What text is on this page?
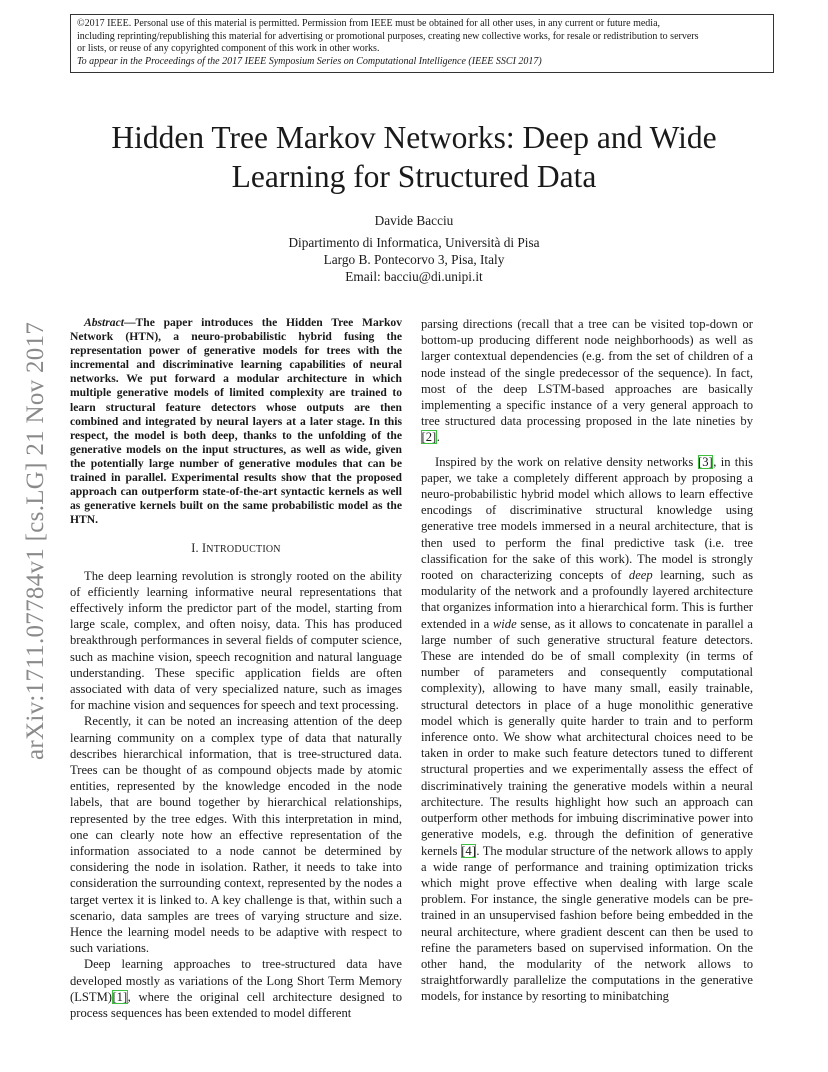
©2017 IEEE. Personal use of this material is permitted. Permission from IEEE must be obtained for all other uses, in any current or future media,
including reprinting/republishing this material for advertising or promotional purposes, creating new collective works, for resale or redistribution to servers
or lists, or reuse of any copyrighted component of this work in other works.
To appear in the Proceedings of the 2017 IEEE Symposium Series on Computational Intelligence (IEEE SSCI 2017)
arXiv:1711.07784v1 [cs.LG] 21 Nov 2017
Hidden Tree Markov Networks: Deep and Wide
Learning for Structured Data
Davide Bacciu
Dipartimento di Informatica, Università di Pisa
Largo B. Pontecorvo 3, Pisa, Italy
Email: bacciu@di.unipi.it

Abstract—The paper introduces the Hidden Tree Markov Network (HTN), a neuro-probabilistic hybrid fusing the representation power of generative models for trees with the incremental and discriminative learning capabilities of neural networks. We put forward a modular architecture in which multiple generative models of limited complexity are trained to learn structural feature detectors whose outputs are then combined and integrated by neural layers at a later stage. In this respect, the model is both deep, thanks to the unfolding of the generative models on the input structures, as well as wide, given the potentially large number of generative modules that can be trained in parallel. Experimental results show that the proposed approach can outperform state-of-the-art syntactic kernels as well as generative kernels built on the same probabilistic model as the HTN.

I. INTRODUCTION

The deep learning revolution is strongly rooted on the ability of efficiently learning informative neural representations that effectively inform the predictor part of the model, starting from large scale, complex, and often noisy, data. This has produced breakthrough performances in several fields of computer science, such as machine vision, speech recognition and natural language understanding. These specific application fields are often associated with data of very specialized nature, such as images for machine vision and sequences for speech and text processing.

Recently, it can be noted an increasing attention of the deep learning community on a complex type of data that naturally describes hierarchical information, that is tree-structured data. Trees can be thought of as compound objects made by atomic entities, represented by the knowledge encoded in the node labels, that are bound together by hierarchical relationships, represented by the tree edges. With this interpretation in mind, one can clearly note how an effective representation of the information associated to a node cannot be determined by considering the node in isolation. Rather, it needs to take into consideration the surrounding context, represented by the nodes a target vertex it is linked to. A key challenge is that, within such a scenario, data samples are trees of varying structure and size. Hence the learning model needs to be adaptive with respect to such variations.

Deep learning approaches to tree-structured data have developed mostly as variations of the Long Short Term Memory (LSTM)[1], where the original cell architecture designed to process sequences has been extended to model different

parsing directions (recall that a tree can be visited top-down or bottom-up producing different node neighborhoods) as well as larger contextual dependencies (e.g. from the set of children of a node instead of the single predecessor of the sequence). In fact, most of the deep LSTM-based approaches are basically implementing a specific instance of a very general approach to tree structured data processing proposed in the late nineties by [2].

Inspired by the work on relative density networks [3], in this paper, we take a completely different approach by proposing a neuro-probabilistic hybrid model which allows to learn effective encodings of discriminative structural knowledge using generative tree models immersed in a neural architecture, that is then used to perform the final predictive task (i.e. tree classification for the sake of this work). The model is strongly rooted on characterizing concepts of deep learning, such as modularity of the network and a profoundly layered architecture that organizes information into a hierarchical form. This is further extended in a wide sense, as it allows to concatenate in parallel a large number of such generative structural feature detectors. These are intended do be of small complexity (in terms of number of parameters and consequently computational complexity), allowing to have many small, easily trainable, structural detectors in place of a huge monolithic generative model which is generally quite harder to train and to perform inference onto. We show what architectural choices need to be taken in order to make such feature detectors tuned to different structural properties and we experimentally assess the effect of discriminatively training the generative models within a neural architecture. The results highlight how such an approach can outperform other methods for imbuing discriminative power into generative models, e.g. through the definition of generative kernels [4]. The modular structure of the network allows to apply a wide range of performance and training optimization tricks which might prove effective when dealing with large scale problem. For instance, the single generative models can be pre-trained in an unsupervised fashion before being embedded in the neural architecture, where gradient descent can then be used to refine the parameters based on supervised information. On the other hand, the modularity of the network allows to straightforwardly parallelize the computations in the generative models, for instance by resorting to minibatching
